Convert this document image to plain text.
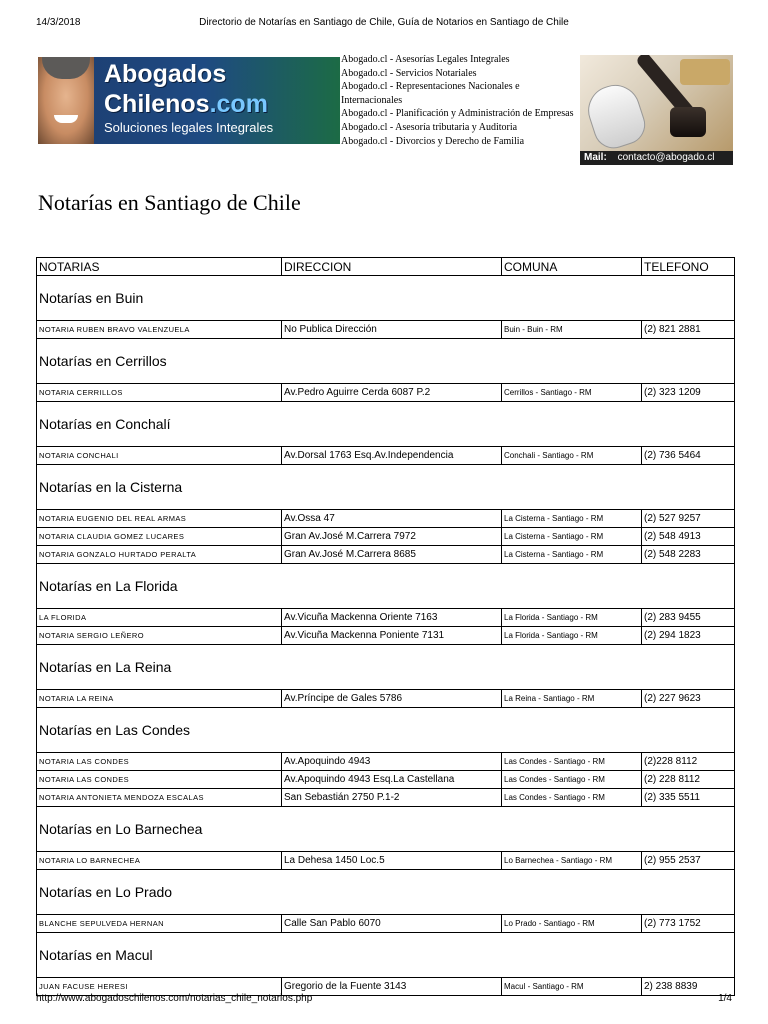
14/3/2018	Directorio de Notarías en Santiago de Chile, Guía de Notarios en Santiago de Chile
Abogados
Chilenos.com
Soluciones legales Integrales
Abogado.cl - Asesorías Legales Integrales
Abogado.cl - Servicios Notariales
Abogado.cl - Representaciones Nacionales e Internacionales
Abogado.cl - Planificación y Administración de Empresas
Abogado.cl - Asesoría tributaria y Auditoria
Abogado.cl - Divorcios y Derecho de Familia
Mail: contacto@abogado.cl
Notarías en Santiago de Chile
NOTARIAS	DIRECCION	COMUNA	TELEFONO
Notarías en Buin			
NOTARIA RUBEN BRAVO VALENZUELA	No Publica Dirección	Buin - Buin - RM	(2) 821 2881
Notarías en Cerrillos			
NOTARIA CERRILLOS	Av.Pedro Aguirre Cerda 6087 P.2	Cerrillos - Santiago - RM	(2) 323 1209
Notarías en Conchalí			
NOTARIA CONCHALI	Av.Dorsal 1763 Esq.Av.Independencia	Conchali - Santiago - RM	(2) 736 5464
Notarías en la Cisterna			
NOTARIA EUGENIO DEL REAL ARMAS	Av.Ossa 47	La Cisterna - Santiago - RM	(2) 527 9257
NOTARIA CLAUDIA GOMEZ LUCARES	Gran Av.José M.Carrera 7972	La Cisterna - Santiago - RM	(2) 548 4913
NOTARIA GONZALO HURTADO PERALTA	Gran Av.José M.Carrera 8685	La Cisterna - Santiago - RM	(2) 548 2283
Notarías en La Florida			
LA FLORIDA	Av.Vicuña Mackenna Oriente 7163	La Florida - Santiago - RM	(2) 283 9455
NOTARIA SERGIO LEÑERO	Av.Vicuña Mackenna Poniente 7131	La Florida - Santiago - RM	(2) 294 1823
Notarías en La Reina			
NOTARIA LA REINA	Av.Príncipe de Gales 5786	La Reina - Santiago - RM	(2) 227 9623
Notarías en Las Condes			
NOTARIA LAS CONDES	Av.Apoquindo 4943	Las Condes - Santiago - RM	(2)228 8112
NOTARIA LAS CONDES	Av.Apoquindo 4943 Esq.La Castellana	Las Condes - Santiago - RM	(2) 228 8112
NOTARIA ANTONIETA MENDOZA ESCALAS	San Sebastián 2750 P.1-2	Las Condes - Santiago - RM	(2) 335 5511
Notarías en Lo Barnechea			
NOTARIA LO BARNECHEA	La Dehesa 1450 Loc.5	Lo Barnechea - Santiago - RM	(2) 955 2537
Notarías en Lo Prado			
BLANCHE SEPULVEDA HERNAN	Calle San Pablo 6070	Lo Prado - Santiago - RM	(2) 773 1752
Notarías en Macul			
JUAN FACUSE HERESI	Gregorio de la Fuente 3143	Macul - Santiago - RM	2) 238 8839
http://www.abogadoschilenos.com/notarias_chile_notarios.php	1/4
